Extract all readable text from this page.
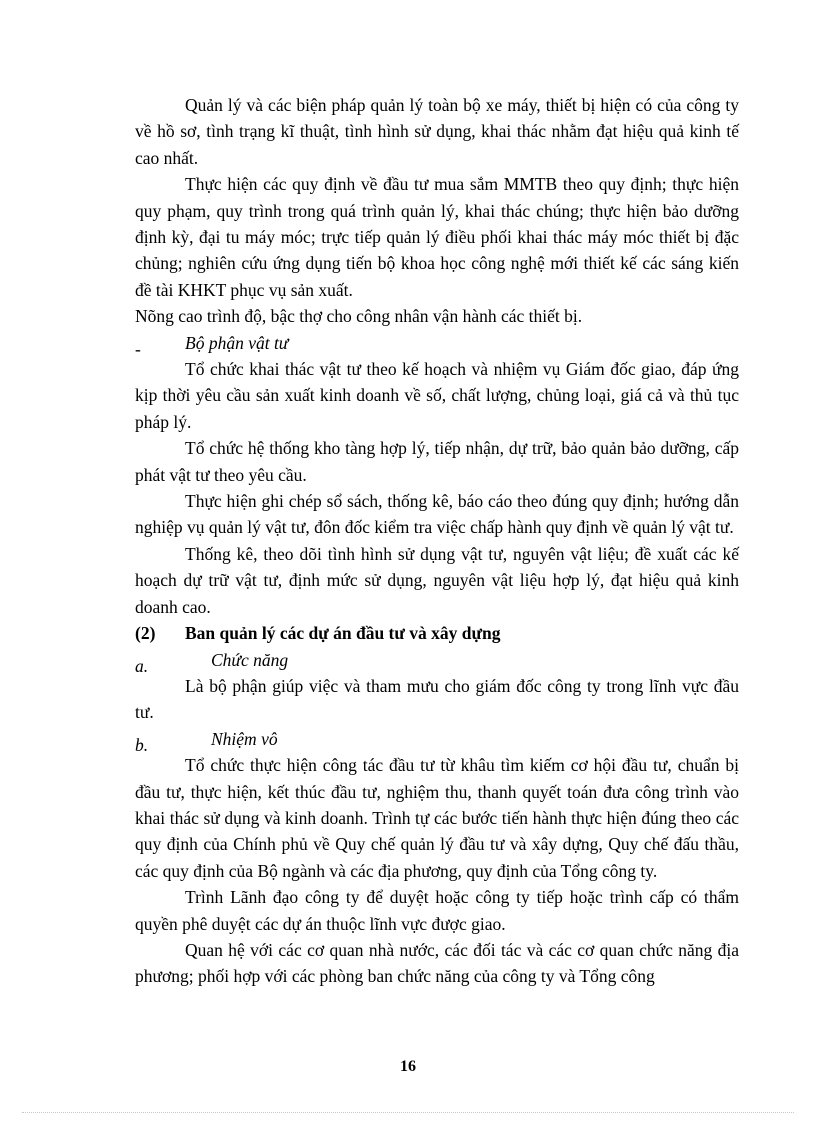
Quản lý và các biện pháp quản lý toàn bộ xe máy, thiết bị hiện có của công ty về hồ sơ, tình trạng kĩ thuật, tình hình sử dụng, khai thác nhằm đạt hiệu quả kinh tế cao nhất.

Thực hiện các quy định về đầu tư mua sắm MMTB theo quy định; thực hiện quy phạm, quy trình trong quá trình quản lý, khai thác chúng; thực hiện bảo dưỡng định kỳ, đại tu máy móc; trực tiếp quản lý điều phối khai thác máy móc thiết bị đặc chủng; nghiên cứu ứng dụng tiến bộ khoa học công nghệ mới thiết kế các sáng kiến đề tài KHKT phục vụ sản xuất.

Nõng cao trình độ, bậc thợ cho công nhân vận hành các thiết bị.

-	Bộ phận vật tư

Tổ chức khai thác vật tư theo kế hoạch và nhiệm vụ Giám đốc giao, đáp ứng kịp thời yêu cầu sản xuất kinh doanh về số, chất lượng, chủng loại, giá cả và thủ tục pháp lý.

Tổ chức hệ thống kho tàng hợp lý, tiếp nhận, dự trữ, bảo quản bảo dưỡng, cấp phát vật tư theo yêu cầu.

Thực hiện ghi chép sổ sách, thống kê, báo cáo theo đúng quy định; hướng dẫn nghiệp vụ quản lý vật tư, đôn đốc kiểm tra việc chấp hành quy định về quản lý vật tư.

Thống kê, theo dõi tình hình sử dụng vật tư, nguyên vật liệu; đề xuất các kế hoạch dự trữ vật tư, định mức sử dụng, nguyên vật liệu hợp lý, đạt hiệu quả kinh doanh cao.

(2) Ban quản lý các dự án đầu tư và xây dựng
a.	Chức năng

Là bộ phận giúp việc và tham mưu cho giám đốc công ty trong lĩnh vực đầu tư.

b.	Nhiệm vô

Tổ chức thực hiện công tác đầu tư từ khâu tìm kiếm cơ hội đầu tư, chuẩn bị đầu tư, thực hiện, kết thúc đầu tư, nghiệm thu, thanh quyết toán đưa công trình vào khai thác sử dụng và kinh doanh. Trình tự các bước tiến hành thực hiện đúng theo các quy định của Chính phủ về Quy chế quản lý đầu tư và xây dựng, Quy chế đấu thầu, các quy định của Bộ ngành và các địa phương, quy định của Tổng công ty.

Trình Lãnh đạo công ty để duyệt hoặc công ty tiếp hoặc trình cấp có thẩm quyền phê duyệt các dự án thuộc lĩnh vực được giao.

Quan hệ với các cơ quan nhà nước, các đối tác và các cơ quan chức năng địa phương; phối hợp với các phòng ban chức năng của công ty và Tổng công

16
